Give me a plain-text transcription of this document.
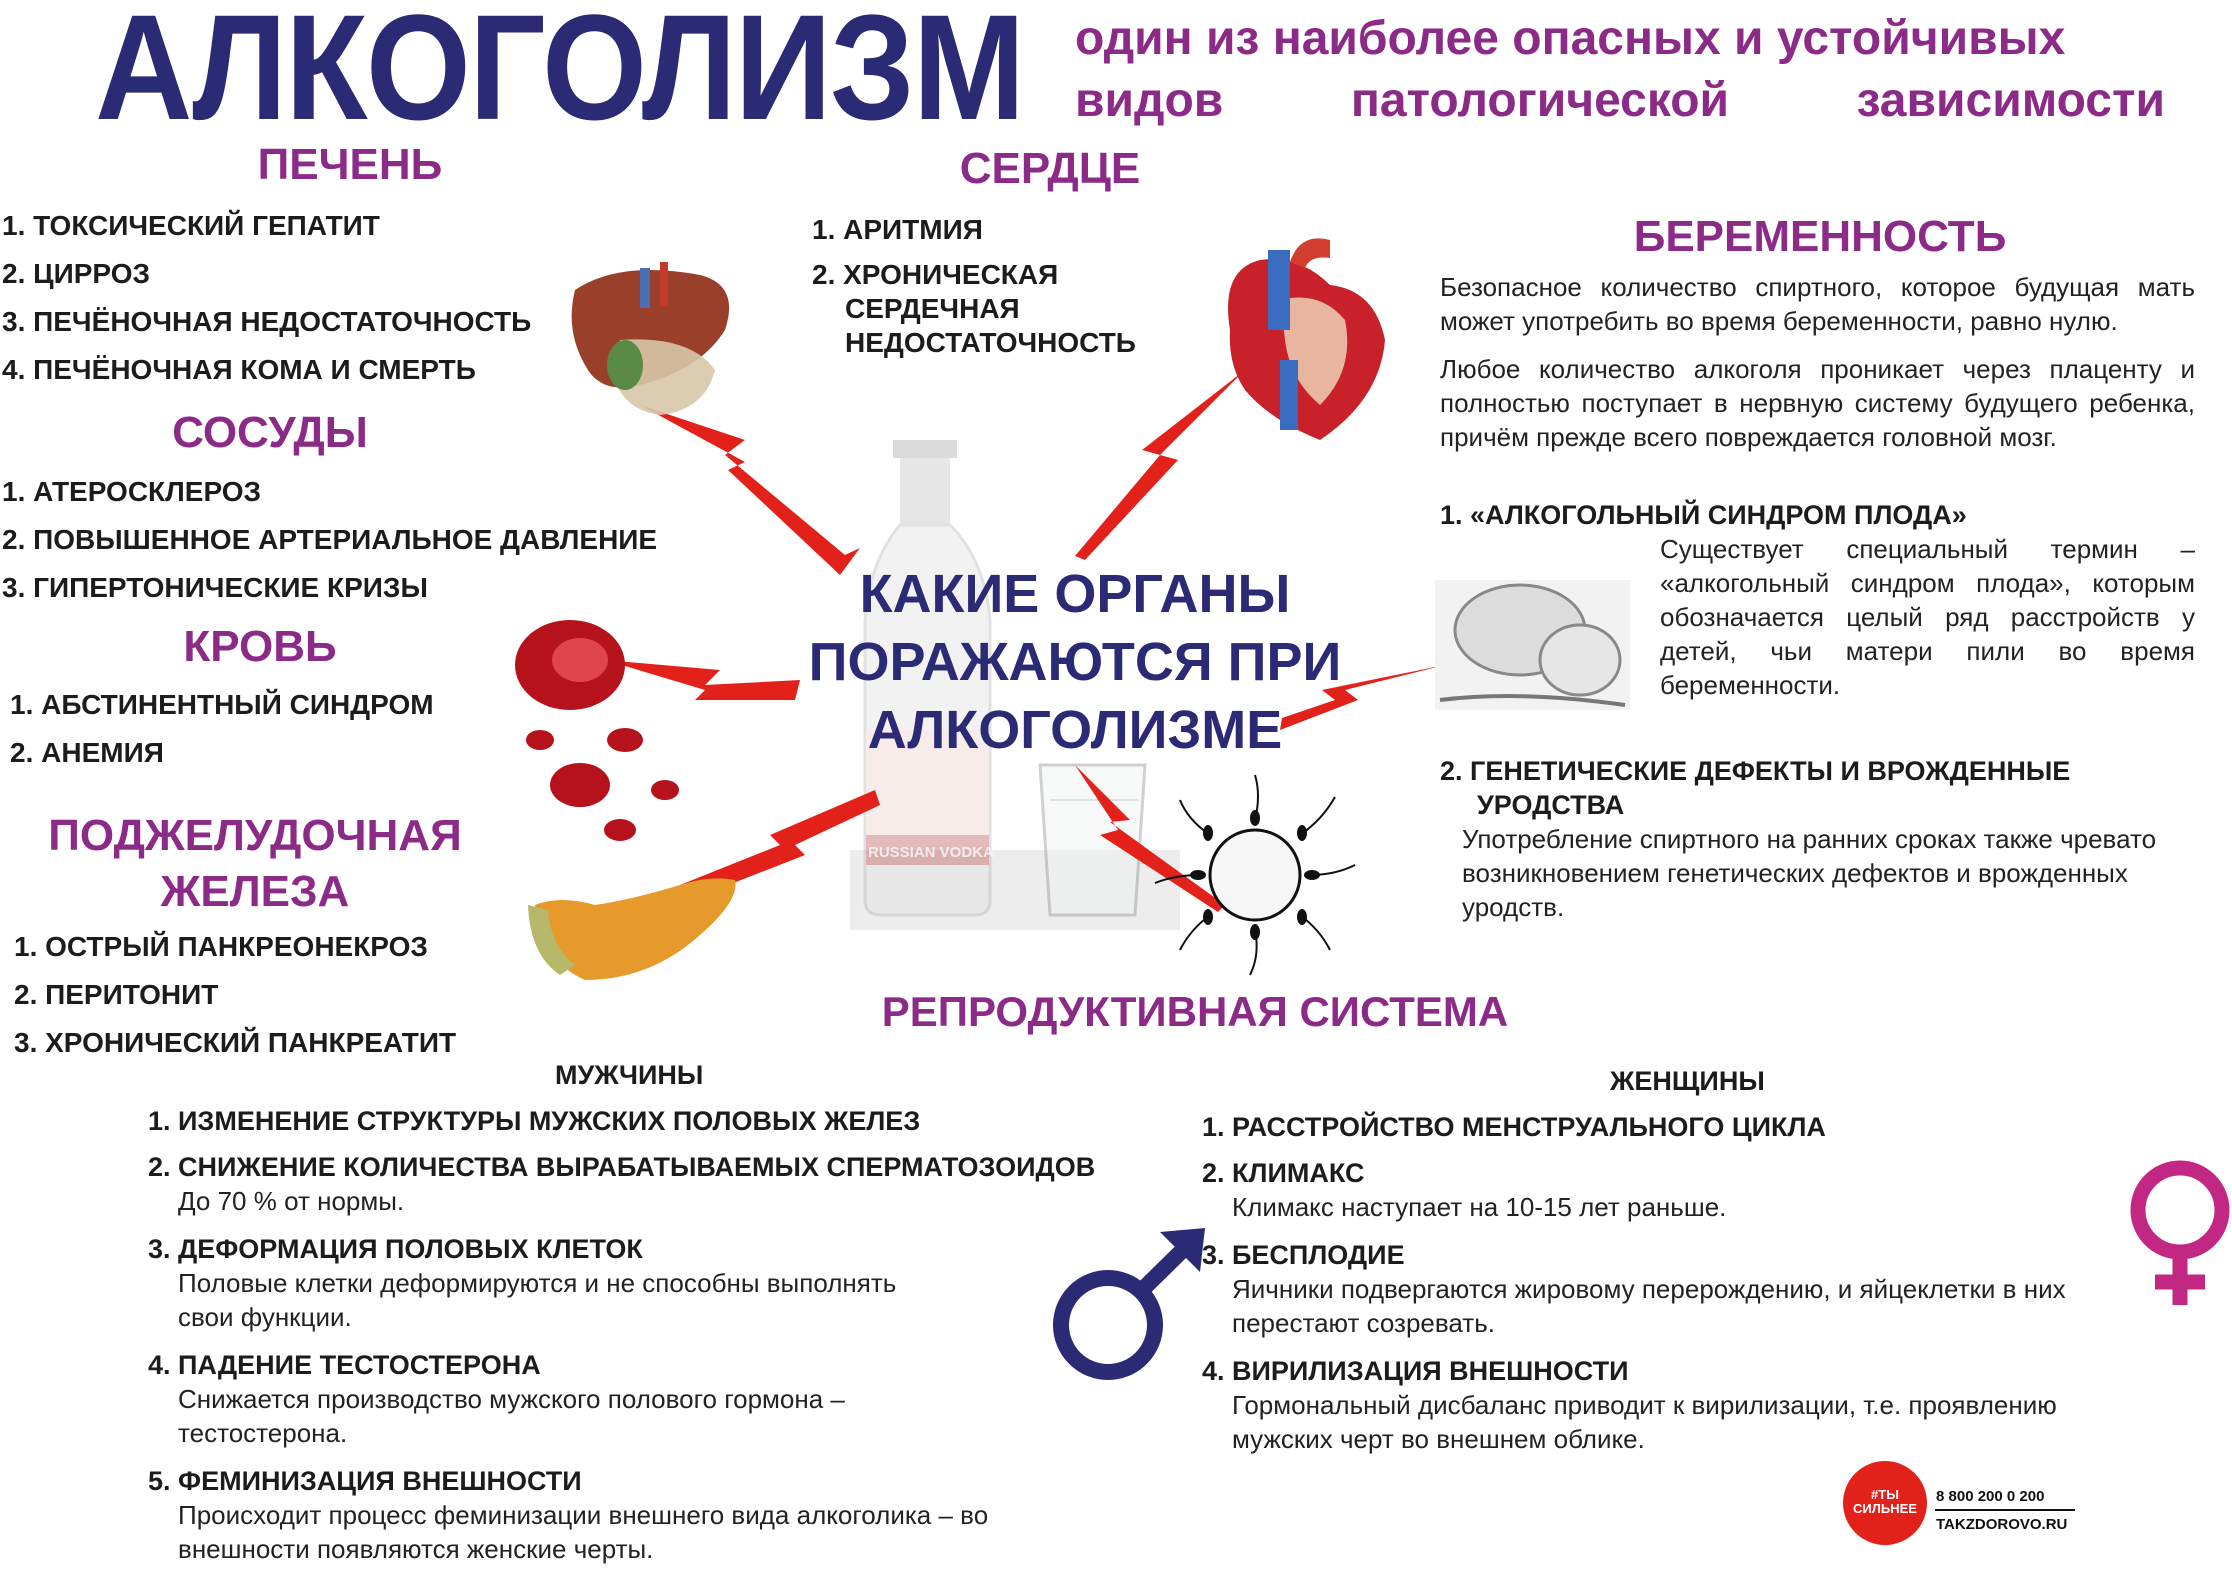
АЛКОГОЛИЗМ один из наиболее опасных и устойчивых
видов	патологической	зависимости
RUSSIAN VODKA
ПЕЧЕНЬ
1. ТОКСИЧЕСКИЙ ГЕПАТИТ
2. ЦИРРОЗ
3. ПЕЧЁНОЧНАЯ НЕДОСТАТОЧНОСТЬ
4. ПЕЧЁНОЧНАЯ КОМА И СМЕРТЬ
СОСУДЫ
1. АТЕРОСКЛЕРОЗ
2. ПОВЫШЕННОЕ АРТЕРИАЛЬНОЕ ДАВЛЕНИЕ
3. ГИПЕРТОНИЧЕСКИЕ КРИЗЫ
КРОВЬ
1. АБСТИНЕНТНЫЙ СИНДРОМ
2. АНЕМИЯ
ПОДЖЕЛУДОЧНАЯ
ЖЕЛЕЗА
1. ОСТРЫЙ ПАНКРЕОНЕКРОЗ
2. ПЕРИТОНИТ
3. ХРОНИЧЕСКИЙ ПАНКРЕАТИТ
СЕРДЦЕ
1. АРИТМИЯ
2. ХРОНИЧЕСКАЯ
СЕРДЕЧНАЯ
НЕДОСТАТОЧНОСТЬ
КАКИЕ ОРГАНЫ
ПОРАЖАЮТСЯ ПРИ
АЛКОГОЛИЗМЕ
БЕРЕМЕННОСТЬ
Безопасное количество спиртного, которое будущая мать может употребить во время беременности, равно нулю.
Любое количество алкоголя проникает через плаценту и полностью поступает в нервную систему будущего ребенка, причём прежде всего повреждается головной мозг.
1. «АЛКОГОЛЬНЫЙ СИНДРОМ ПЛОДА»
Существует специальный термин – «алкогольный синдром плода», которым обозначается целый ряд расстройств у детей, чьи матери пили во время беременности.
2. ГЕНЕТИЧЕСКИЕ ДЕФЕКТЫ И ВРОЖДЕННЫЕ
УРОДСТВА
Употребление спиртного на ранних сроках также чревато возникновением генетических дефектов и врожденных уродств.
РЕПРОДУКТИВНАЯ СИСТЕМА
МУЖЧИНЫ
1. ИЗМЕНЕНИЕ СТРУКТУРЫ МУЖСКИХ ПОЛОВЫХ ЖЕЛЕЗ
2. СНИЖЕНИЕ КОЛИЧЕСТВА ВЫРАБАТЫВАЕМЫХ СПЕРМАТОЗОИДОВ
До 70 % от нормы.
3. ДЕФОРМАЦИЯ ПОЛОВЫХ КЛЕТОК
Половые клетки деформируются и не способны выполнять свои функции.
4. ПАДЕНИЕ ТЕСТОСТЕРОНА
Снижается производство мужского полового гормона – тестостерона.
5. ФЕМИНИЗАЦИЯ ВНЕШНОСТИ
Происходит процесс феминизации внешнего вида алкоголика – во внешности появляются женские черты.
ЖЕНЩИНЫ
1. РАССТРОЙСТВО МЕНСТРУАЛЬНОГО ЦИКЛА
2. КЛИМАКС
Климакс наступает на 10-15 лет раньше.
3. БЕСПЛОДИЕ
Яичники подвергаются жировому перерождению, и яйцеклетки в них перестают созревать.
4. ВИРИЛИЗАЦИЯ ВНЕШНОСТИ
Гормональный дисбаланс приводит к вирилизации, т.е. проявлению мужских черт во внешнем облике.
#ТЫ СИЛЬНЕЕ
8 800 200 0 200
TAKZDOROVO.RU
